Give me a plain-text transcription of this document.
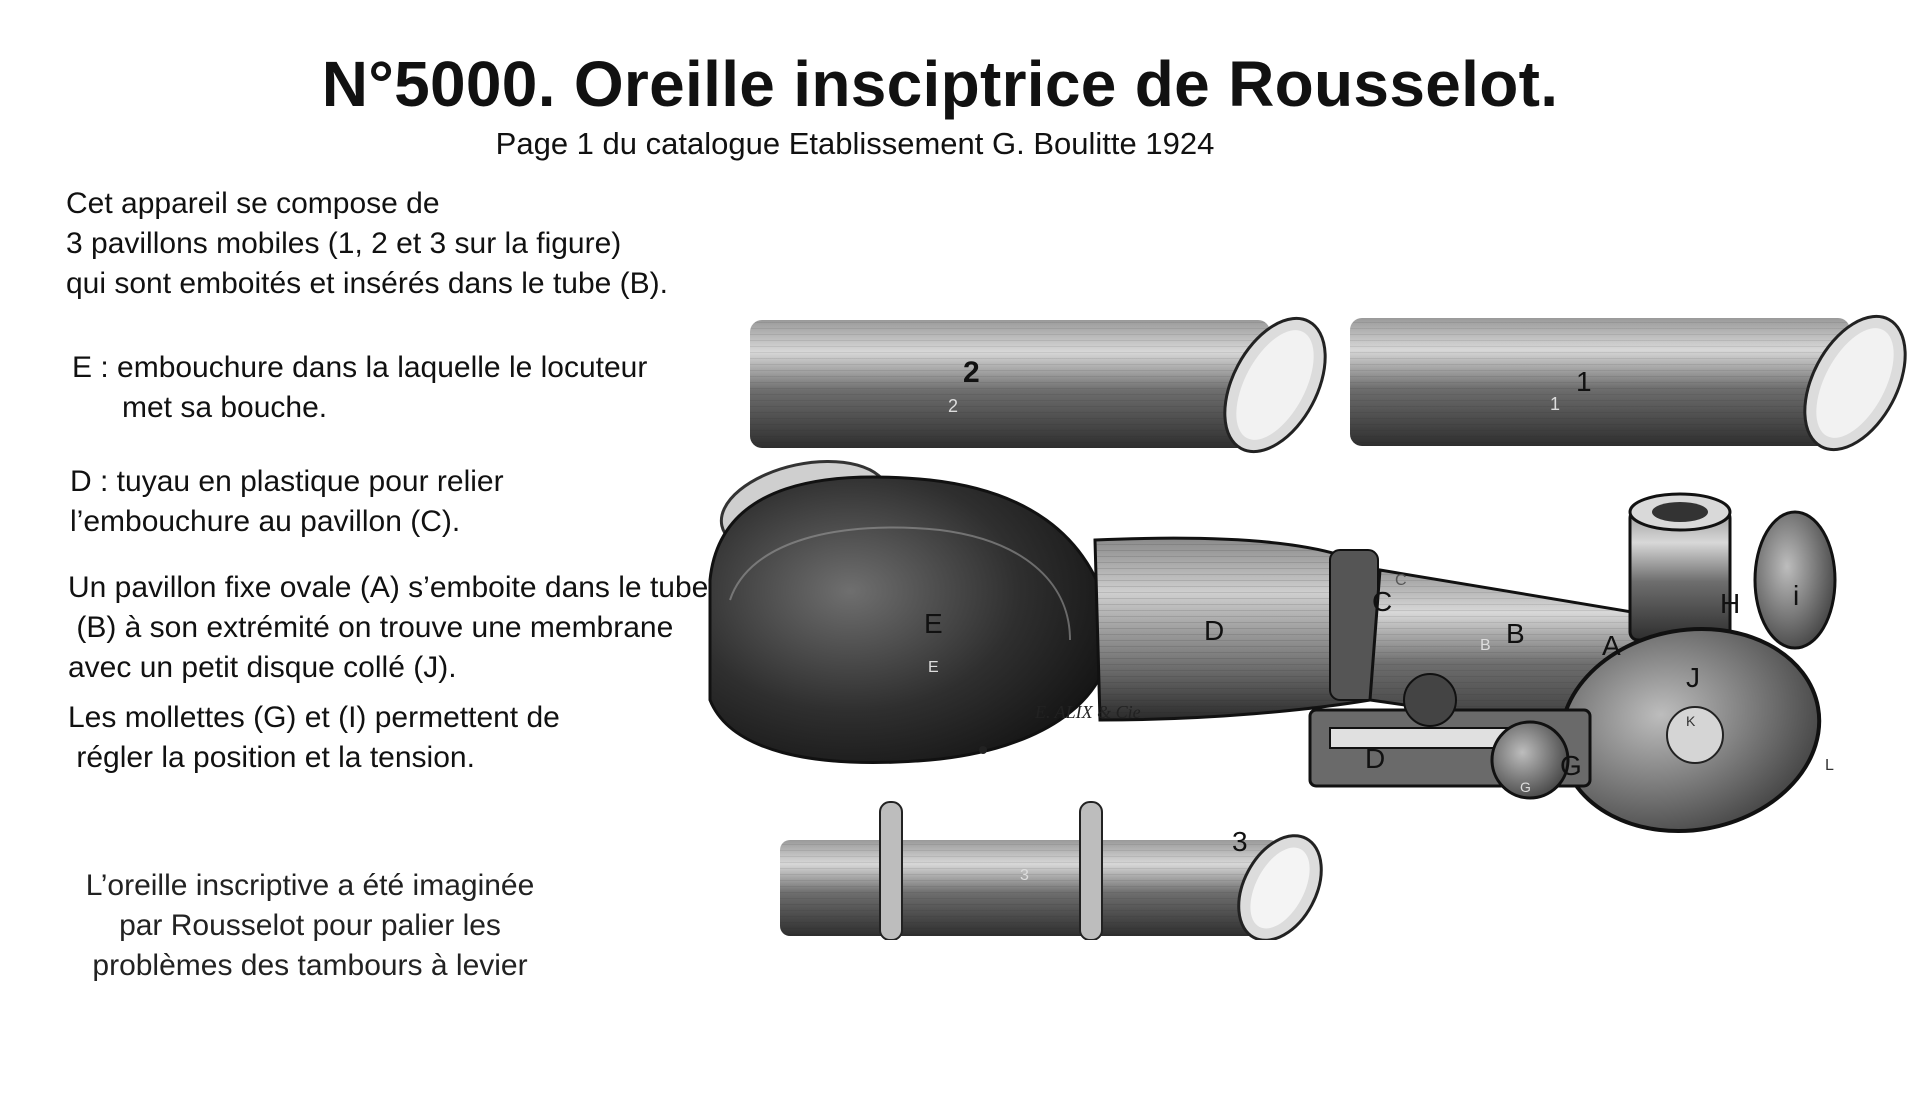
N°5000. Oreille insciptrice de Rousselot.
Page 1 du catalogue Etablissement G. Boulitte 1924
Cet appareil se compose de
3 pavillons mobiles (1, 2 et 3 sur la figure)
qui sont emboités et insérés dans le tube (B).
E : embouchure dans la laquelle le locuteur
met sa bouche.
D : tuyau en plastique pour relier
l’embouchure au pavillon (C).
Un pavillon fixe ovale (A) s’emboite dans le tube
(B) à son extrémité on trouve une membrane
avec un petit disque collé (J).
Les mollettes (G) et (I) permettent de
régler la position et la tension.
L’oreille inscriptive a été imaginée par Rousselot pour palier les problèmes des tambours à levier
2	1
E
E. ALIX & Cie
B
C
K
L
G
3
2	1
3
E	D
C
B	A
H i
J
D	G
